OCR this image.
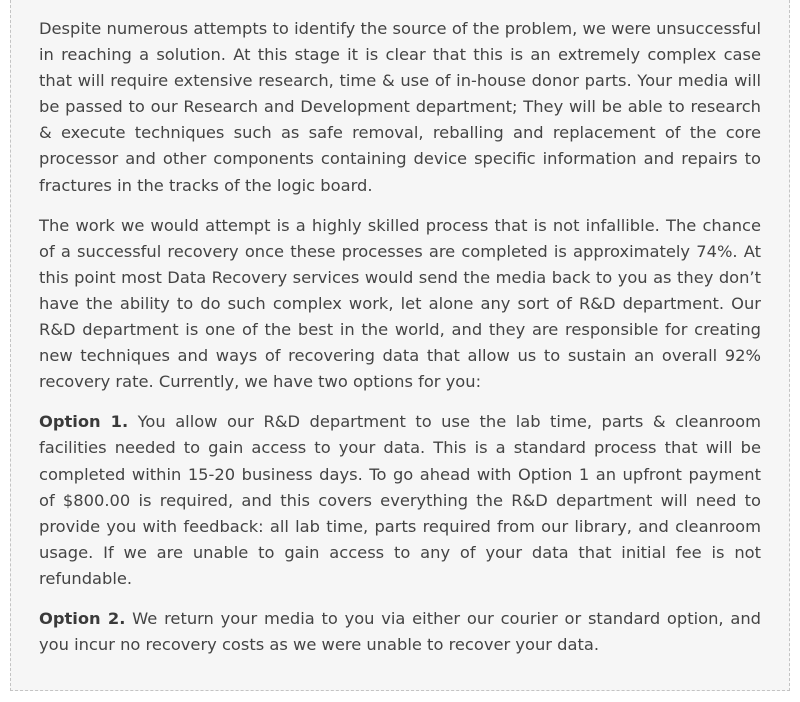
Despite numerous attempts to identify the source of the problem, we were unsuccessful in reaching a solution. At this stage it is clear that this is an extremely complex case that will require extensive research, time & use of in-house donor parts. Your media will be passed to our Research and Development department; They will be able to research & execute techniques such as safe removal, reballing and replacement of the core processor and other components containing device specific information and repairs to fractures in the tracks of the logic board.

The work we would attempt is a highly skilled process that is not infallible. The chance of a successful recovery once these processes are completed is approximately 74%. At this point most Data Recovery services would send the media back to you as they don’t have the ability to do such complex work, let alone any sort of R&D department. Our R&D department is one of the best in the world, and they are responsible for creating new techniques and ways of recovering data that allow us to sustain an overall 92% recovery rate. Currently, we have two options for you:

Option 1. You allow our R&D department to use the lab time, parts & cleanroom facilities needed to gain access to your data. This is a standard process that will be completed within 15-20 business days. To go ahead with Option 1 an upfront payment of $800.00 is required, and this covers everything the R&D department will need to provide you with feedback: all lab time, parts required from our library, and cleanroom usage. If we are unable to gain access to any of your data that initial fee is not refundable.

Option 2. We return your media to you via either our courier or standard option, and you incur no recovery costs as we were unable to recover your data.
